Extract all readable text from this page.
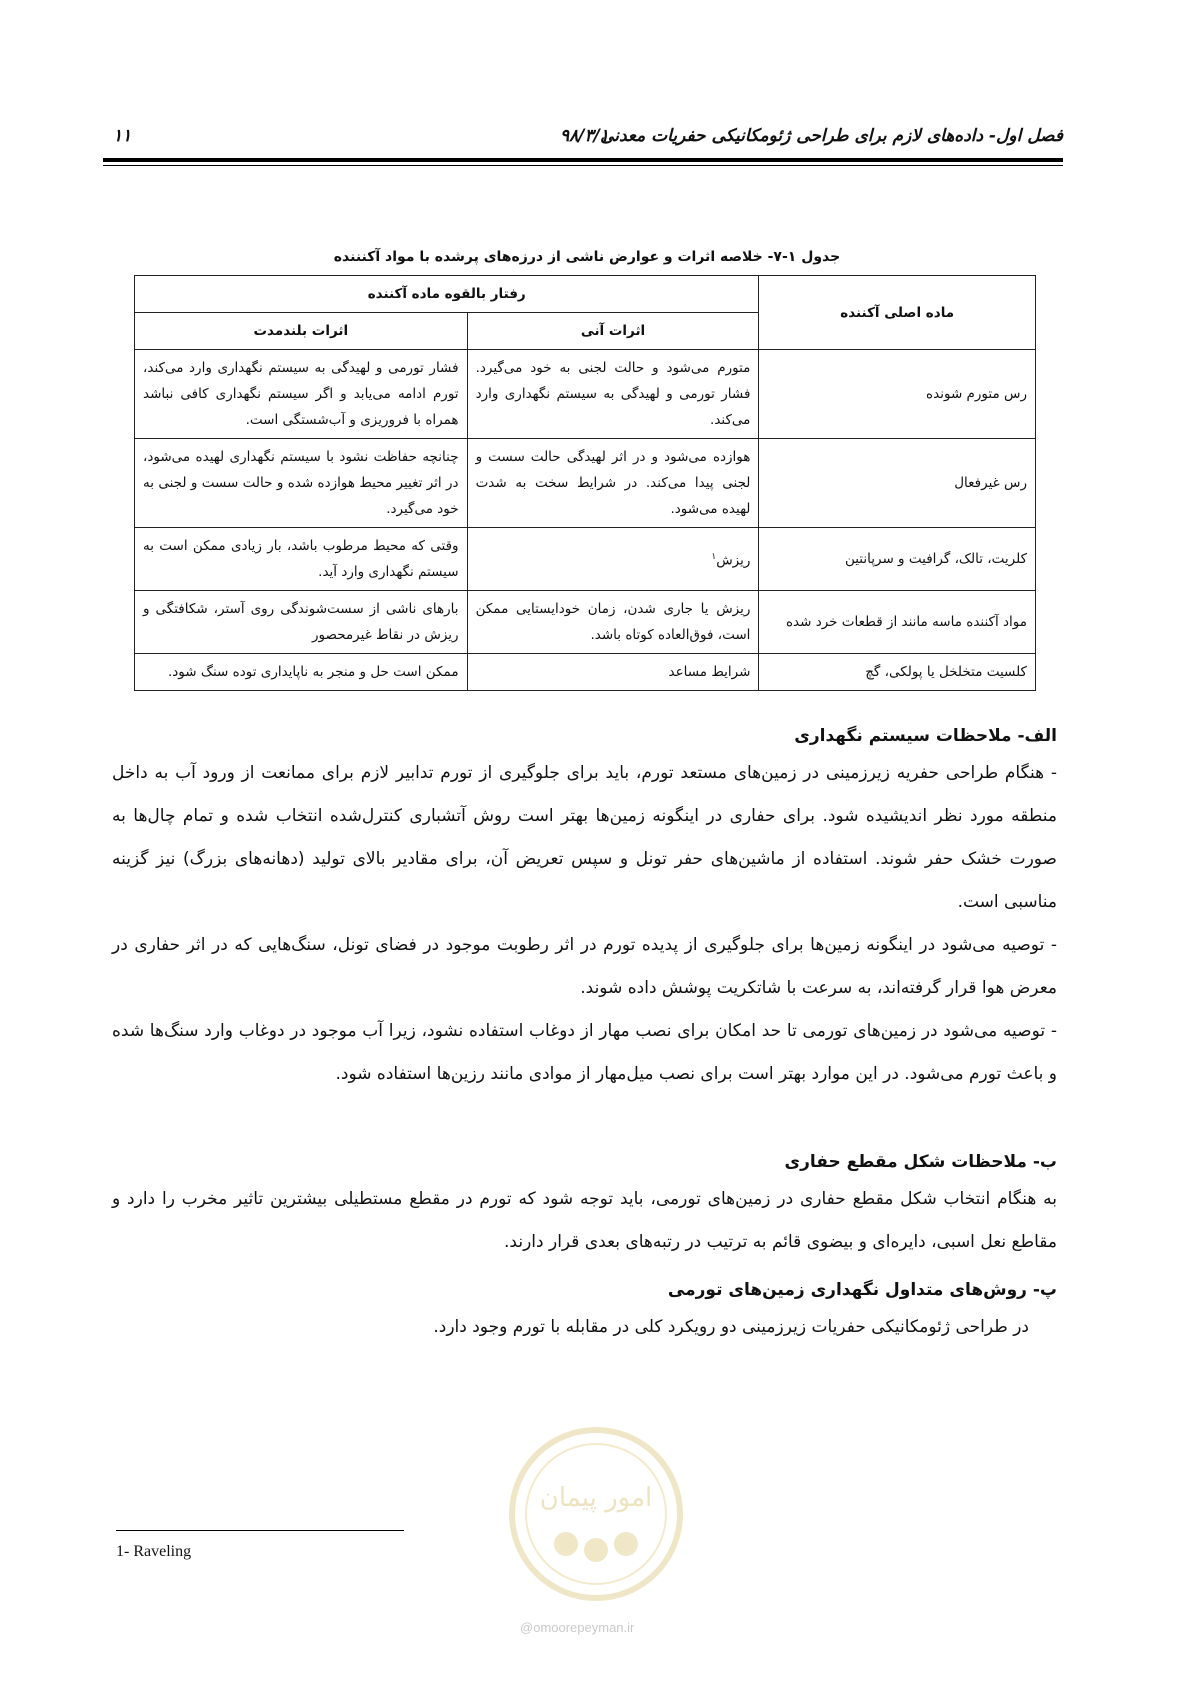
فصل اول- داده‌های لازم برای طراحی ژئومکانیکی حفریات معدنی
۹۸/۳/۱
۱۱
جدول ۱-۷- خلاصه اثرات و عوارض ناشی از درزه‌های پرشده با مواد آکنننده
ماده اصلی آکننده	رفتار بالقوه ماده آکننده	
	اثرات آنی	اثرات بلندمدت
رس متورم شونده	متورم می‌شود و حالت لجنی به خود می‌گیرد. فشار تورمی و لهیدگی به سیستم نگهداری وارد می‌کند.	فشار تورمی و لهیدگی به سیستم نگهداری وارد می‌کند، تورم ادامه می‌یابد و اگر سیستم نگهداری کافی نباشد همراه با فروریزی و آب‌شستگی است.
رس غیرفعال	هوازده می‌شود و در اثر لهیدگی حالت سست و لجنی پیدا می‌کند. در شرایط سخت به شدت لهیده می‌شود.	چنانچه حفاظت نشود با سیستم نگهداری لهیده می‌شود، در اثر تغییر محیط هوازده شده و حالت سست و لجنی به خود می‌گیرد.
کلریت، تالک، گرافیت و سرپانتین	ریزش$^۱$	وقتی که محیط مرطوب باشد، بار زیادی ممکن است به سیستم نگهداری وارد آید.
مواد آکننده ماسه مانند از قطعات خرد شده	ریزش یا جاری شدن، زمان خودایستایی ممکن است، فوق‌العاده کوتاه باشد.	بارهای ناشی از سست‌شوندگی روی آستر، شکافتگی و ریزش در نقاط غیرمحصور
کلسیت متخلخل یا پولکی، گچ	شرایط مساعد	ممکن است حل و منجر به ناپایداری توده سنگ شود.
الف- ملاحظات سیستم نگهداری
- هنگام طراحی حفریه زیرزمینی در زمین‌های مستعد تورم، باید برای جلوگیری از تورم تدابیر لازم برای ممانعت از ورود آب به داخل منطقه مورد نظر اندیشیده شود. برای حفاری در اینگونه زمین‌ها بهتر است روش آتشباری کنترل‌شده انتخاب شده و تمام چال‌ها به صورت خشک حفر شوند. استفاده از ماشین‌های حفر تونل و سپس تعریض آن، برای مقادیر بالای تولید (دهانه‌های بزرگ) نیز گزینه مناسبی است.
- توصیه می‌شود در اینگونه زمین‌ها برای جلوگیری از پدیده تورم در اثر رطوبت موجود در فضای تونل، سنگ‌هایی که در اثر حفاری در معرض هوا قرار گرفته‌اند، به سرعت با شاتکریت پوشش داده شوند.
- توصیه می‌شود در زمین‌های تورمی تا حد امکان برای نصب مهار از دوغاب استفاده نشود، زیرا آب موجود در دوغاب وارد سنگ‌ها شده و باعث تورم می‌شود. در این موارد بهتر است برای نصب میل‌مهار از موادی مانند رزین‌ها استفاده شود.
ب- ملاحظات شکل مقطع حفاری
به هنگام انتخاب شکل مقطع حفاری در زمین‌های تورمی، باید توجه شود که تورم در مقطع مستطیلی بیشترین تاثیر مخرب را دارد و مقاطع نعل اسبی، دایره‌ای و بیضوی قائم به ترتیب در رتبه‌های بعدی قرار دارند.
پ- روش‌های متداول نگهداری زمین‌های تورمی
در طراحی ژئومکانیکی حفریات زیرزمینی دو رویکرد کلی در مقابله با تورم وجود دارد.
امور پیمان
@omoorepeyman.ir
1- Raveling
